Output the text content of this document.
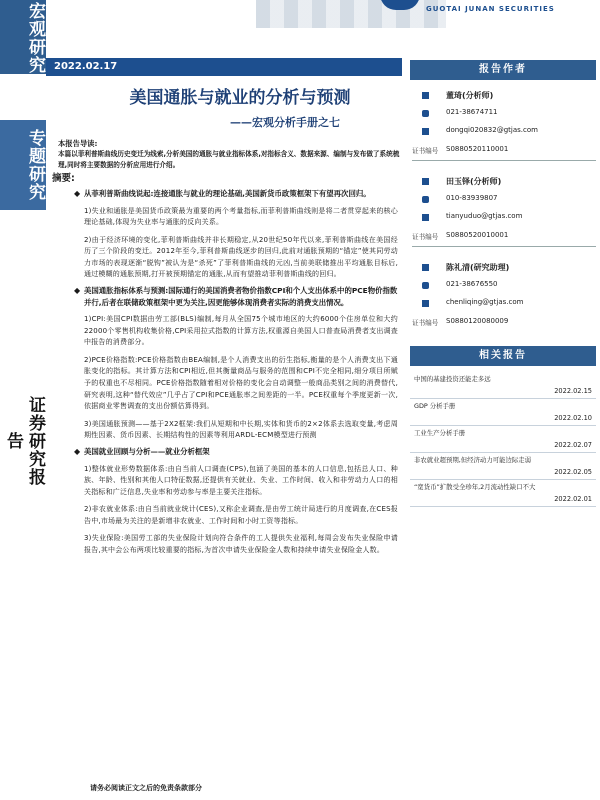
宏观研究
专题研究
证券研究报告
GUOTAI JUNAN SECURITIES
2022.02.17
美国通胀与就业的分析与预测
——宏观分析手册之七
本报告导读:
本篇以菲利普斯曲线历史变迁为线索,分析美国的通胀与就业指标体系,对指标含义、数据来源、编制与发布做了系统梳理,同时将主要数据的分析应用进行介绍。
摘要:
◆ 从菲利普斯曲线说起:连接通胀与就业的理论基础,美国新货币政策框架下有望再次回归。
1)失业和通胀是美国货币政策最为重要的两个考量指标,而菲利普斯曲线则是将二者贯穿起来的核心理论基础,体现为失业率与通胀的反向关系。
2)由于经济环境的变化,菲利普斯曲线并非长期稳定,从20世纪50年代以来,菲利普斯曲线在美国经历了三个阶段的变迁。2012年至今,菲利普斯曲线逐步的回归,此前对通胀预期的“锚定”使其同劳动力市场的表现逐渐“脱钩”被认为是“杀死”了菲利普斯曲线的元凶,当前美联储推出平均通胀目标后,通过模糊的通胀预期,打开被预期锚定的通胀,从而有望推动菲利普斯曲线的回归。
◆ 美国通胀指标体系与预测:国际通行的美国消费者物价指数CPI和个人支出体系中的PCE物价指数并行,后者在联储政策框架中更为关注,因更能够体现消费者实际的消费支出情况。
1)CPI:美国CPI数据由劳工部(BLS)编制,每月从全国75个城市地区的大约6000个住房单位和大约22000个零售机构收集价格,CPI采用拉式指数的计算方法,权重源自美国人口普查局消费者支出调查中报告的消费部分。
2)PCE价格指数:PCE价格指数由BEA编制,是个人消费支出的衍生指标,衡量的是个人消费支出下通胀变化的指标。其计算方法和CPI相近,但其衡量商品与服务的范围和CPI不完全相同,细分项目所赋予的权重也不尽相同。PCE价格指数随着相对价格的变化会自动调整一般商品类别之间的消费替代,研究表明,这种“替代效应”几乎占了CPI和PCE通胀率之间差距的一半。PCE权重每个季度更新一次,依据商业零售调查的支出份额估算得到。
3)美国通胀预测——基于2X2框架:我们从短期和中长期,实体和货币的2×2体系去选取变量,考虑周期性因素、货币因素、长期结构性的因素等利用ARDL-ECM模型进行预测
◆ 美国就业回顾与分析——就业分析框架
1)整体就业形势数据体系:由自当前人口调查(CPS),包涵了美国的基本的人口信息,包括总人口、种族、年龄、性别和其他人口特征数据,还提供有关就业、失业、工作时间、收入和非劳动力人口的相关指标和广泛信息,失业率和劳动参与率是主要关注指标。
2)非农就业体系:由自当前就业统计(CES),又称企业调查,是由劳工统计局进行的月度调查,在CES报告中,市场最为关注的是新增非农就业、工作时间和小时工资等指标。
3)失业保险:美国劳工部的失业保险计划向符合条件的工人提供失业福利,每周会发布失业保险申请报告,其中会公布两项比较重要的指标,为首次申请失业保险金人数和持续申请失业保险金人数。
报告作者
董琦(分析师)
021-38674711
dongqi020832@gtjas.com
证书编号 S0880520110001
田玉铎(分析师)
010-83939807
tianyuduo@gtjas.com
证书编号 S0880520010001
陈礼清(研究助理)
021-38676550
chenliqing@gtjas.com
证书编号 S0880120080009
相关报告
中国的基建投资还能走多远
2022.02.15
GDP 分析手册
2022.02.10
工业生产分析手册
2022.02.07
非农就业超预期,但经济动力可能边际走弱
2022.02.05
“宽货币”扩散受全珍年,2月流动性缺口不大
2022.02.01
请务必阅读正文之后的免责条款部分
